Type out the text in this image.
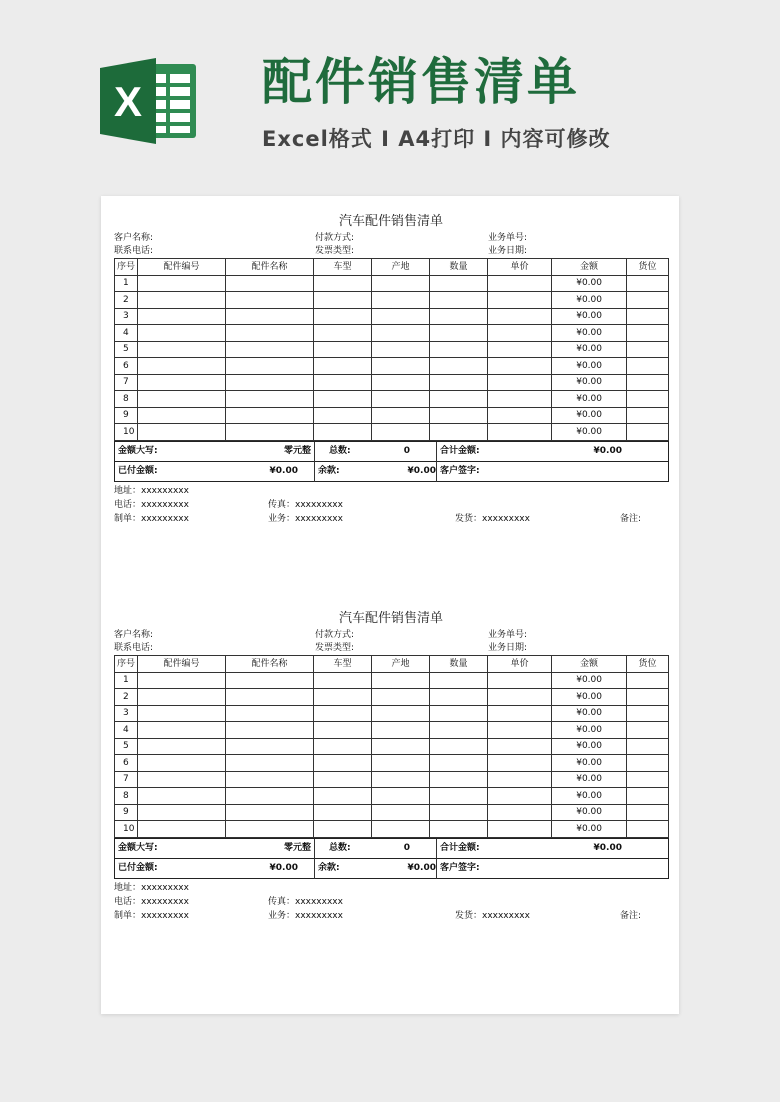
X 配件销售清单
Excel格式 I A4打印 I 内容可修改
汽车配件销售清单
客户名称:	付款方式:	业务单号:
联系电话:	发票类型:	业务日期:
序号	配件编号	配件名称	车型	产地	数量	单价	金额	货位
1							¥0.00	
2							¥0.00	
3							¥0.00	
4							¥0.00	
5							¥0.00	
6							¥0.00	
7							¥0.00	
8							¥0.00	
9							¥0.00	
10							¥0.00	
金额大写:	零元整	总数:	0	合计金额:	¥0.00
已付金额:	¥0.00	余款:	¥0.00	客户签字:	
地址：xxxxxxxxx
电话：xxxxxxxxx	传真：xxxxxxxxx
制单：xxxxxxxxx	业务：xxxxxxxxx	发货：xxxxxxxxx	备注:
汽车配件销售清单
客户名称:	付款方式:	业务单号:
联系电话:	发票类型:	业务日期:
序号	配件编号	配件名称	车型	产地	数量	单价	金额	货位
1							¥0.00	
2							¥0.00	
3							¥0.00	
4							¥0.00	
5							¥0.00	
6							¥0.00	
7							¥0.00	
8							¥0.00	
9							¥0.00	
10							¥0.00	
金额大写:	零元整	总数:	0	合计金额:	¥0.00
已付金额:	¥0.00	余款:	¥0.00	客户签字:	
地址：xxxxxxxxx
电话：xxxxxxxxx	传真：xxxxxxxxx
制单：xxxxxxxxx	业务：xxxxxxxxx	发货：xxxxxxxxx	备注:
